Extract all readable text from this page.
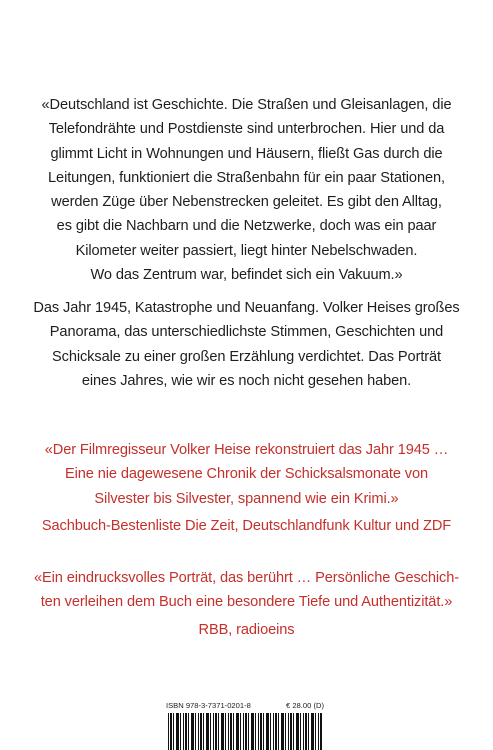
«Deutschland ist Geschichte. Die Straßen und Gleisanlagen, die
Telefondrähte und Postdienste sind unterbrochen. Hier und da
glimmt Licht in Wohnungen und Häusern, fließt Gas durch die
Leitungen, funktioniert die Straßenbahn für ein paar Stationen,
werden Züge über Nebenstrecken geleitet. Es gibt den Alltag,
es gibt die Nachbarn und die Netzwerke, doch was ein paar
Kilometer weiter passiert, liegt hinter Nebelschwaden.
Wo das Zentrum war, befindet sich ein Vakuum.»
Das Jahr 1945, Katastrophe und Neuanfang. Volker Heises großes
Panorama, das unterschiedlichste Stimmen, Geschichten und
Schicksale zu einer großen Erzählung verdichtet. Das Porträt
eines Jahres, wie wir es noch nicht gesehen haben.
«Der Filmregisseur Volker Heise rekonstruiert das Jahr 1945 …
Eine nie dagewesene Chronik der Schicksalsmonate von
Silvester bis Silvester, spannend wie ein Krimi.»
Sachbuch-Bestenliste Die Zeit, Deutschlandfunk Kultur und ZDF
«Ein eindrucksvolles Porträt, das berührt … Persönliche Geschich-
ten verleihen dem Buch eine besondere Tiefe und Authentizität.»
RBB, radioeins
ISBN 978-3-7371-0201-8	€ 28.00 (D)
